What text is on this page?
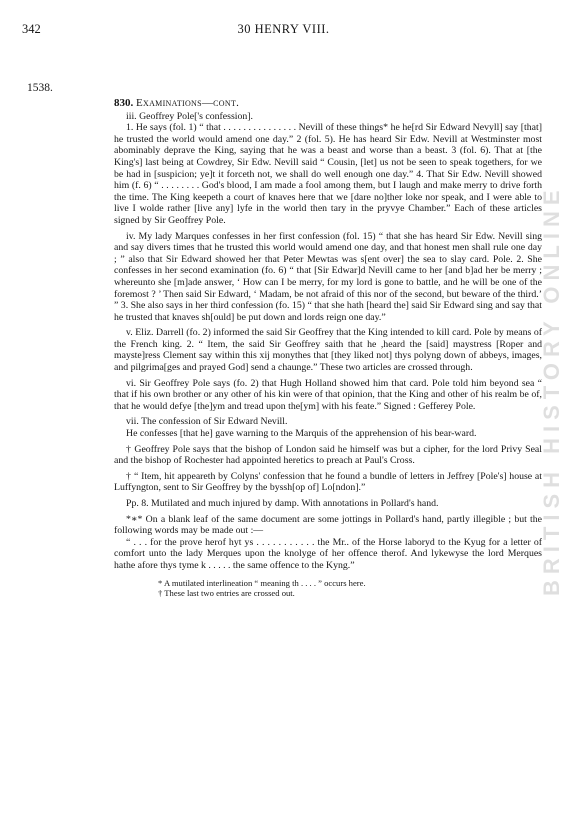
342	30 HENRY VIII.
1538.
BRITISH HISTORY ONLINE
830. Examinations—cont.

iii. Geoffrey Pole['s confession].

1. He says (fol. 1) “ that . . . . . . . . . . . . . . . Nevill of these things* he he[rd Sir Edward Nevyll] say [that] he trusted the world would amend one day.” 2 (fol. 5). He has heard Sir Edw. Nevill at Westminster most abominably deprave the King, saying that he was a beast and worse than a beast. 3 (fol. 6). That at [the King's] last being at Cowdrey, Sir Edw. Nevill said “ Cousin, [let] us not be seen to speak togethers, for we be had in [suspicion; ye]t it forceth not, we shall do well enough one day.” 4. That Sir Edw. Nevill showed him (f. 6) “ . . . . . . . . God's blood, I am made a fool among them, but I laugh and make merry to drive forth the time. The King keepeth a court of knaves here that we [dare no]ther loke nor speak, and I were able to live I wolde rather [live any] lyfe in the world then tary in the pryvye Chamber.” Each of these articles signed by Sir Geoffrey Pole.

iv. My lady Marques confesses in her first confession (fol. 15) “ that she has heard Sir Edw. Nevill sing and say divers times that he trusted this world would amend one day, and that honest men shall rule one day ; ” also that Sir Edward showed her that Peter Mewtas was s[ent over] the sea to slay card. Pole. 2. She confesses in her second examination (fo. 6) “ that [Sir Edwar]d Nevill came to her [and b]ad her be merry ; whereunto she [m]ade answer, ‘ How can I be merry, for my lord is gone to battle, and he will be one of the foremost ? ’ Then said Sir Edward, ‘ Madam, be not afraid of this nor of the second, but beware of the third.’ ” 3. She also says in her third confession (fo. 15) “ that she hath [heard the] said Sir Edward sing and say that he trusted that knaves sh[ould] be put down and lords reign one day.”

v. Eliz. Darrell (fo. 2) informed the said Sir Geoffrey that the King intended to kill card. Pole by means of the French king. 2. “ Item, the said Sir Geoffrey saith that he ,heard the [said] maystress [Roper and mayste]ress Clement say within this xij monythes that [they liked not] thys polyng down of abbeys, images, and pilgrima[ges and prayed God] send a chaunge.” These two articles are crossed through.

vi. Sir Geoffrey Pole says (fo. 2) that Hugh Holland showed him that card. Pole told him beyond sea “ that if his own brother or any other of his kin were of that opinion, that the King and other of his realm be of, that he would defye [the]ym and tread upon the[ym] with his feate.” Signed : Gefferey Pole.

vii. The confession of Sir Edward Nevill.

He confesses [that he] gave warning to the Marquis of the apprehension of his bear-ward.

† Geoffrey Pole says that the bishop of London said he himself was but a cipher, for the lord Privy Seal and the bishop of Rochester had appointed heretics to preach at Paul's Cross.

† “ Item, hit appeareth by Colyns' confession that he found a bundle of letters in Jeffrey [Pole's] house at Luffyngton, sent to Sir Geoffrey by the byssh[op of] Lo[ndon].”

Pp. 8. Mutilated and much injured by damp. With annotations in Pollard's hand.

*∗* On a blank leaf of the same document are some jottings in Pollard's hand, partly illegible ; but the following words may be made out :—

“ . . . for the prove herof hyt ys . . . . . . . . . . . the Mr.. of the Horse laboryd to the Kyug for a letter of comfort unto the lady Merques upon the knolyge of her offence therof. And lykewyse the lord Merques hathe afore thys tyme k . . . . . the same offence to the Kyng.”

* A mutilated interlineation “ meaning th . . . . ” occurs here.

† These last two entries are crossed out.
